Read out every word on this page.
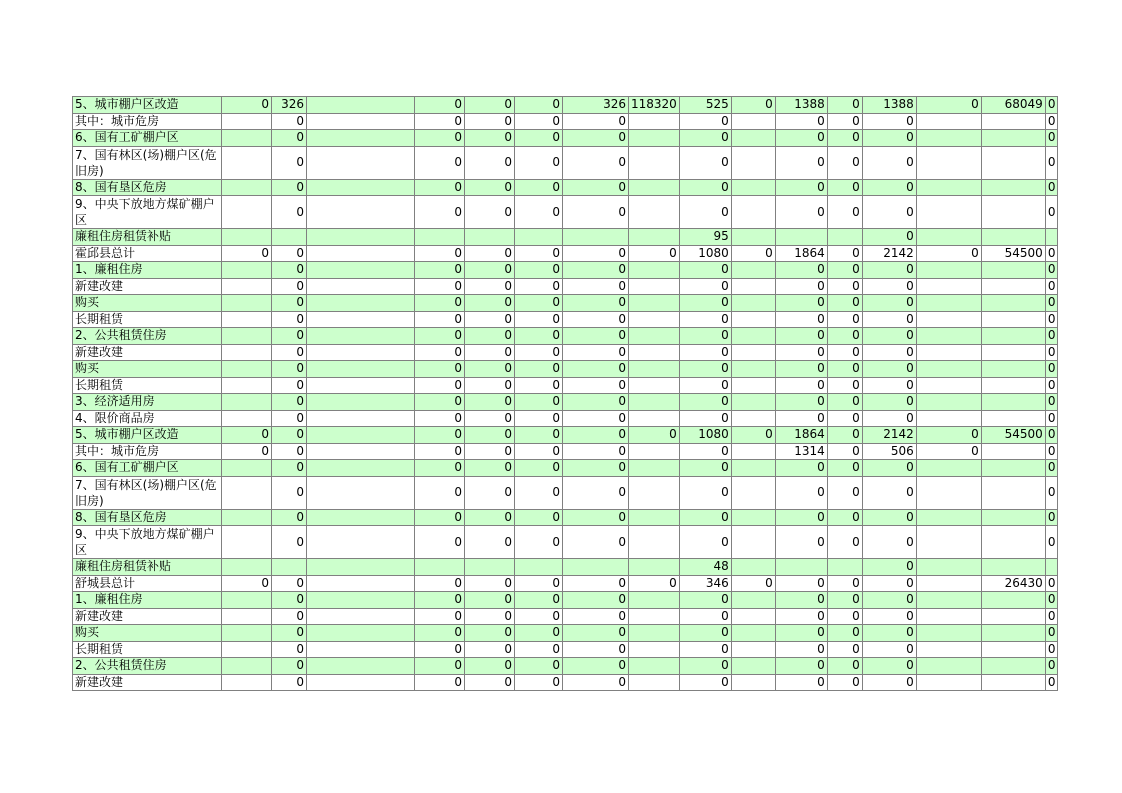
5、城市棚户区改造	0	326		0	0	0	326	118320	525	0	1388	0	1388	0	68049	0	
其中：城市危房		0		0	0	0	0		0		0	0	0			0	
6、国有工矿棚户区		0		0	0	0	0		0		0	0	0			0	
7、国有林区(场)棚户区(危旧房)		0		0	0	0	0		0		0	0	0			0	
8、国有垦区危房		0		0	0	0	0		0		0	0	0			0	
9、中央下放地方煤矿棚户区		0		0	0	0	0		0		0	0	0			0	
廉租住房租赁补贴									95				0				
霍邱县总计	0	0		0	0	0	0	0	1080	0	1864	0	2142	0	54500	0	
1、廉租住房		0		0	0	0	0		0		0	0	0			0	
新建改建		0		0	0	0	0		0		0	0	0			0	
购买		0		0	0	0	0		0		0	0	0			0	
长期租赁		0		0	0	0	0		0		0	0	0			0	
2、公共租赁住房		0		0	0	0	0		0		0	0	0			0	
新建改建		0		0	0	0	0		0		0	0	0			0	
购买		0		0	0	0	0		0		0	0	0			0	
长期租赁		0		0	0	0	0		0		0	0	0			0	
3、经济适用房		0		0	0	0	0		0		0	0	0			0	
4、限价商品房		0		0	0	0	0		0		0	0	0			0	
5、城市棚户区改造	0	0		0	0	0	0	0	1080	0	1864	0	2142	0	54500	0	
其中：城市危房	0	0		0	0	0	0		0		1314	0	506	0		0	
6、国有工矿棚户区		0		0	0	0	0		0		0	0	0			0	
7、国有林区(场)棚户区(危旧房)		0		0	0	0	0		0		0	0	0			0	
8、国有垦区危房		0		0	0	0	0		0		0	0	0			0	
9、中央下放地方煤矿棚户区		0		0	0	0	0		0		0	0	0			0	
廉租住房租赁补贴									48				0				
舒城县总计	0	0		0	0	0	0	0	346	0	0	0	0		26430	0	
1、廉租住房		0		0	0	0	0		0		0	0	0			0	
新建改建		0		0	0	0	0		0		0	0	0			0	
购买		0		0	0	0	0		0		0	0	0			0	
长期租赁		0		0	0	0	0		0		0	0	0			0	
2、公共租赁住房		0		0	0	0	0		0		0	0	0			0	
新建改建		0		0	0	0	0		0		0	0	0			0	
